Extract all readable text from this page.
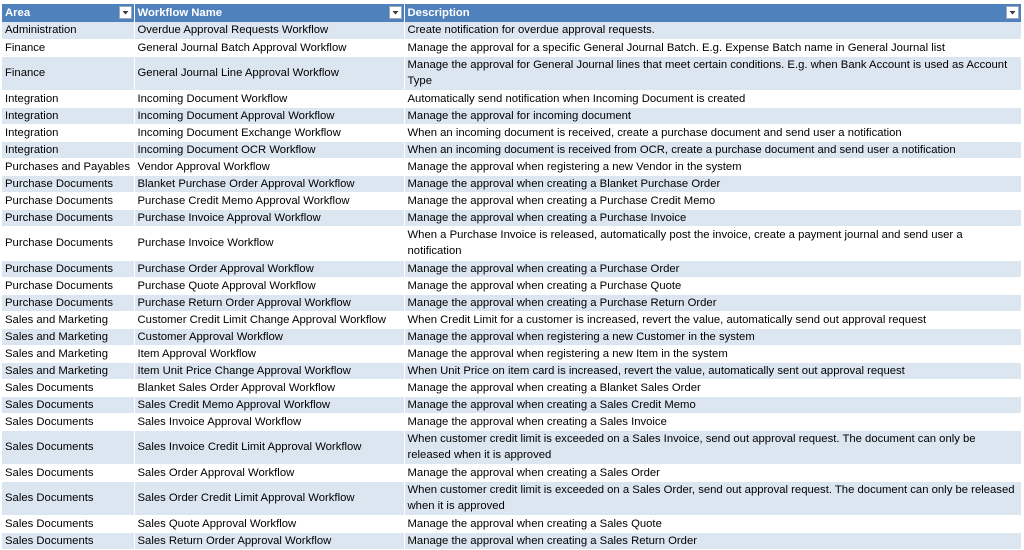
Area	Workflow Name	Description

Administration	Overdue Approval Requests Workflow	Create notification for overdue approval requests.
Finance	General Journal Batch Approval Workflow	Manage the approval for a specific General Journal Batch. E.g. Expense Batch name in General Journal list
Finance	General Journal Line Approval Workflow	Manage the approval for General Journal lines that meet certain conditions. E.g. when Bank Account is used as Account Type
Integration	Incoming Document Workflow	Automatically send notification when Incoming Document is created
Integration	Incoming Document Approval Workflow	Manage the approval for incoming document
Integration	Incoming Document Exchange Workflow	When an incoming document is received, create a purchase document and send user a notification
Integration	Incoming Document OCR Workflow	When an incoming document is received from OCR, create a purchase document and send user a notification
Purchases and Payables	Vendor Approval Workflow	Manage the approval when registering a new Vendor in the system
Purchase Documents	Blanket Purchase Order Approval Workflow	Manage the approval when creating a Blanket Purchase Order
Purchase Documents	Purchase Credit Memo Approval Workflow	Manage the approval when creating a Purchase Credit Memo
Purchase Documents	Purchase Invoice Approval Workflow	Manage the approval when creating a Purchase Invoice
Purchase Documents	Purchase Invoice Workflow	When a Purchase Invoice is released, automatically post the invoice, create a payment journal and send user a notification
Purchase Documents	Purchase Order Approval Workflow	Manage the approval when creating a Purchase Order
Purchase Documents	Purchase Quote Approval Workflow	Manage the approval when creating a Purchase Quote
Purchase Documents	Purchase Return Order Approval Workflow	Manage the approval when creating a Purchase Return Order
Sales and Marketing	Customer Credit Limit Change Approval Workflow	When Credit Limit for a customer is increased, revert the value, automatically send out approval request
Sales and Marketing	Customer Approval Workflow	Manage the approval when registering a new Customer in the system
Sales and Marketing	Item Approval Workflow	Manage the approval when registering a new Item in the system
Sales and Marketing	Item Unit Price Change Approval Workflow	When Unit Price on item card is increased, revert the value, automatically sent out approval request
Sales Documents	Blanket Sales Order Approval Workflow	Manage the approval when creating a Blanket Sales Order
Sales Documents	Sales Credit Memo Approval Workflow	Manage the approval when creating a Sales Credit Memo
Sales Documents	Sales Invoice Approval Workflow	Manage the approval when creating a Sales Invoice
Sales Documents	Sales Invoice Credit Limit Approval Workflow	When customer credit limit is exceeded on a Sales Invoice, send out approval request. The document can only be released when it is approved
Sales Documents	Sales Order Approval Workflow	Manage the approval when creating a Sales Order
Sales Documents	Sales Order Credit Limit Approval Workflow	When customer credit limit is exceeded on a Sales Order, send out approval request. The document can only be released when it is approved
Sales Documents	Sales Quote Approval Workflow	Manage the approval when creating a Sales Quote
Sales Documents	Sales Return Order Approval Workflow	Manage the approval when creating a Sales Return Order
